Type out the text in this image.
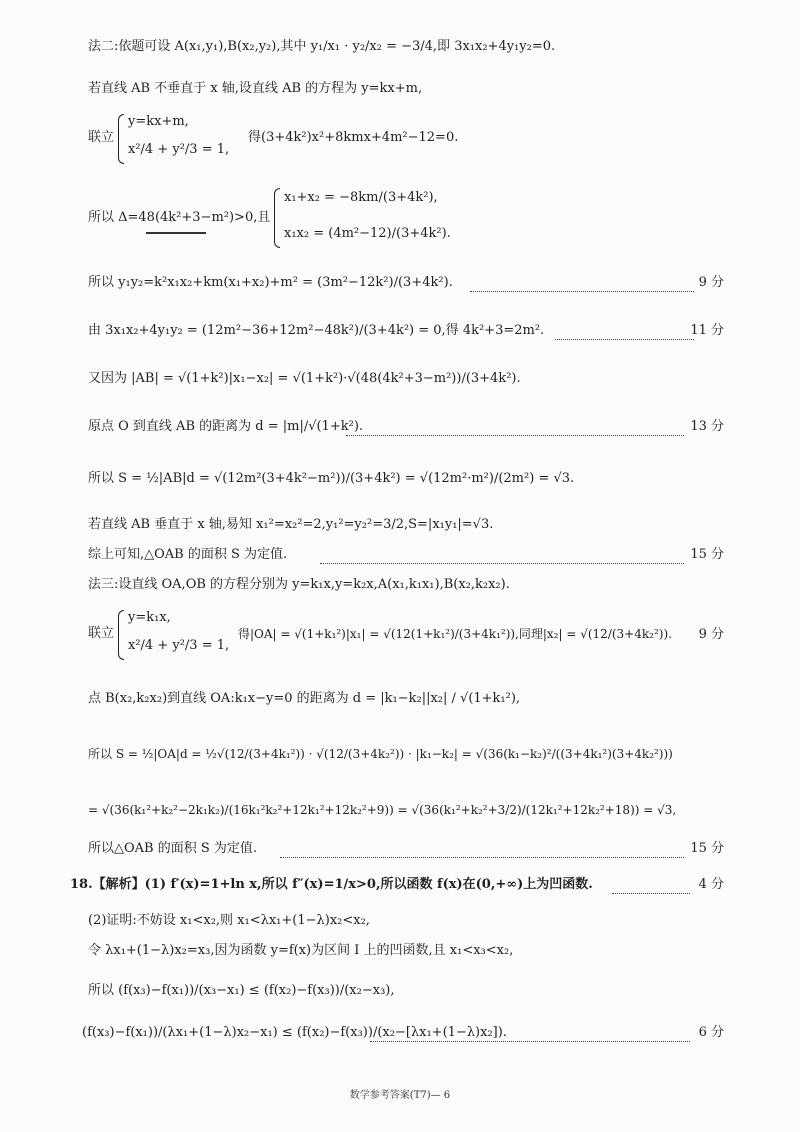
法二:依题可设 A(x₁,y₁),B(x₂,y₂),其中 y₁/x₁ · y₂/x₂ = −3/4,即 3x₁x₂+4y₁y₂=0.
若直线 AB 不垂直于 x 轴,设直线 AB 的方程为 y=kx+m,
联立
y=kx+m,
x²/4 + y²/3 = 1,
得(3+4k²)x²+8kmx+4m²−12=0.
所以 Δ=48(4k²+3−m²)>0,且
x₁+x₂ = −8km/(3+4k²),
x₁x₂ = (4m²−12)/(3+4k²).
所以 y₁y₂=k²x₁x₂+km(x₁+x₂)+m² = (3m²−12k²)/(3+4k²).	9 分
由 3x₁x₂+4y₁y₂ = (12m²−36+12m²−48k²)/(3+4k²) = 0,得 4k²+3=2m².	11 分
又因为 |AB| = √(1+k²)|x₁−x₂| = √(1+k²)·√(48(4k²+3−m²))/(3+4k²).
原点 O 到直线 AB 的距离为 d = |m|/√(1+k²).	13 分
所以 S = ½|AB|d = √(12m²(3+4k²−m²))/(3+4k²) = √(12m²·m²)/(2m²) = √3.
若直线 AB 垂直于 x 轴,易知 x₁²=x₂²=2,y₁²=y₂²=3/2,S=|x₁y₁|=√3.
综上可知,△OAB 的面积 S 为定值.	15 分
法三:设直线 OA,OB 的方程分别为 y=k₁x,y=k₂x,A(x₁,k₁x₁),B(x₂,k₂x₂).
联立
y=k₁x,
x²/4 + y²/3 = 1,
得|OA| = √(1+k₁²)|x₁| = √(12(1+k₁²)/(3+4k₁²)),同理|x₂| = √(12/(3+4k₂²)). 9 分
点 B(x₂,k₂x₂)到直线 OA:k₁x−y=0 的距离为 d = |k₁−k₂||x₂| / √(1+k₁²),
所以 S = ½|OA|d = ½√(12/(3+4k₁²)) · √(12/(3+4k₂²)) · |k₁−k₂| = √(36(k₁−k₂)²/((3+4k₁²)(3+4k₂²)))
= √(36(k₁²+k₂²−2k₁k₂)/(16k₁²k₂²+12k₁²+12k₂²+9)) = √(36(k₁²+k₂²+3/2)/(12k₁²+12k₂²+18)) = √3,
所以△OAB 的面积 S 为定值.	15 分
18.【解析】(1) f′(x)=1+ln x,所以 f″(x)=1/x>0,所以函数 f(x)在(0,+∞)上为凹函数.	4 分
(2)证明:不妨设 x₁<x₂,则 x₁<λx₁+(1−λ)x₂<x₂,
令 λx₁+(1−λ)x₂=x₃,因为函数 y=f(x)为区间 I 上的凹函数,且 x₁<x₃<x₂,
所以 (f(x₃)−f(x₁))/(x₃−x₁) ≤ (f(x₂)−f(x₃))/(x₂−x₃),
(f(x₃)−f(x₁))/(λx₁+(1−λ)x₂−x₁) ≤ (f(x₂)−f(x₃))/(x₂−[λx₁+(1−λ)x₂]).	6 分
数学参考答案(T7)— 6
